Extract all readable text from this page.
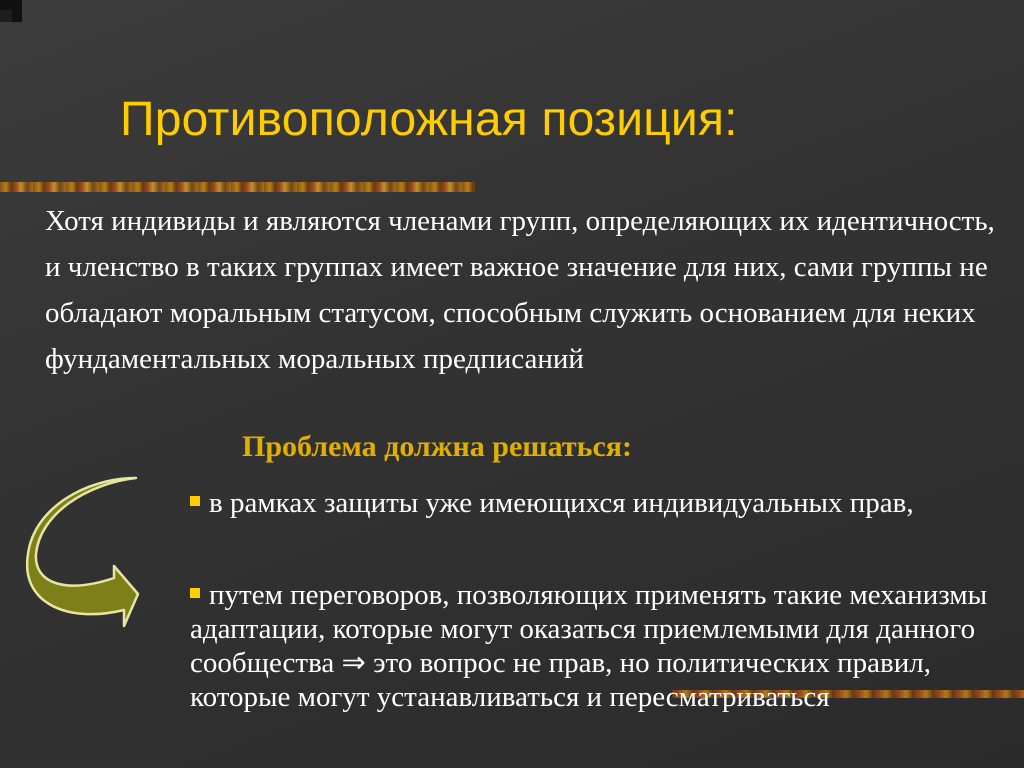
Противоположная позиция:
Хотя индивиды и являются членами групп, определяющих их идентичность, и членство в таких группах имеет важное значение для них, сами группы не обладают моральным статусом, способным служить основанием для неких фундаментальных моральных предписаний
Проблема должна решаться:
в рамках защиты уже имеющихся индивидуальных прав,
путем переговоров, позволяющих применять такие механизмы адаптации, которые могут оказаться приемлемыми для данного сообщества ⇒ это вопрос не прав, но политических правил, которые могут устанавливаться и пересматриваться
